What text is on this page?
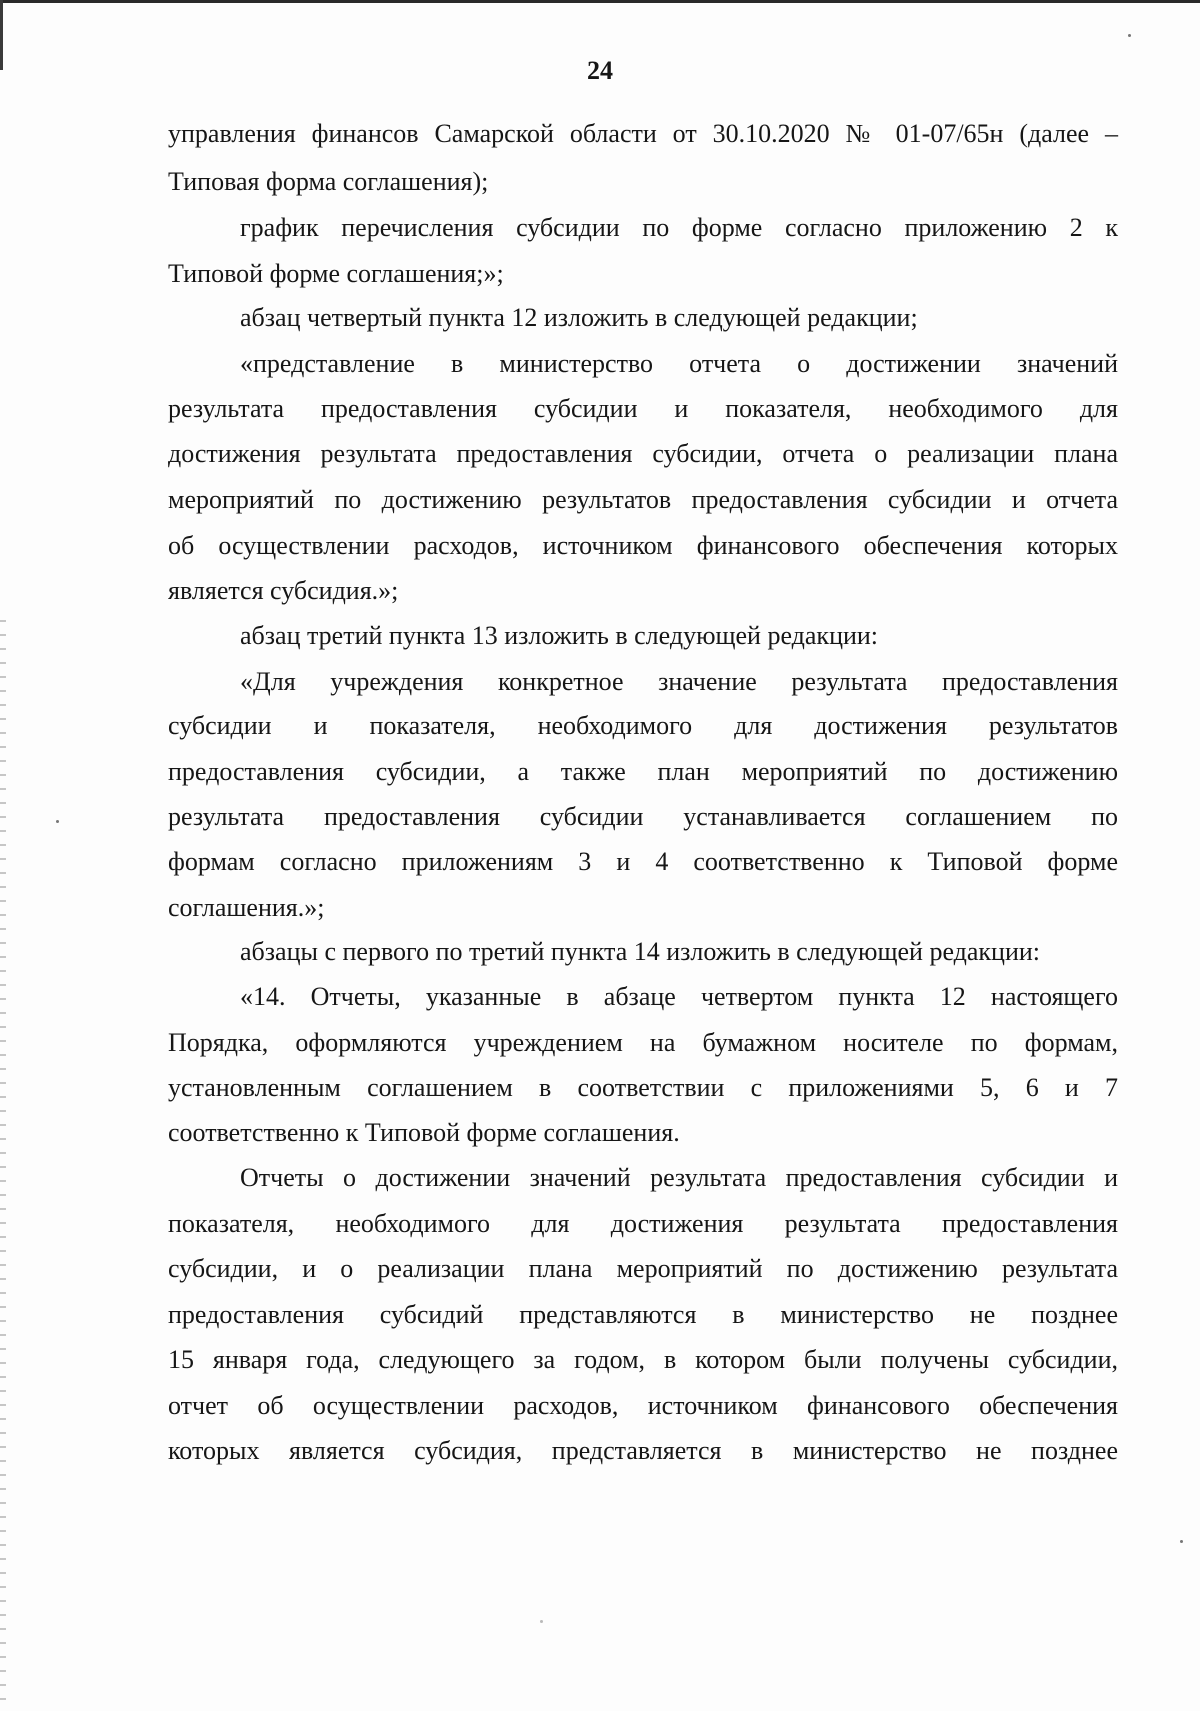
24
управления финансов Самарской области от 30.10.2020 № 01-07/65н (далее –
Типовая форма соглашения);
график перечисления субсидии по форме согласно приложению 2 к
Типовой форме соглашения;»;
абзац четвертый пункта 12 изложить в следующей редакции;
«представление в министерство отчета о достижении значений
результата предоставления субсидии и показателя, необходимого для
достижения результата предоставления субсидии, отчета о реализации плана
мероприятий по достижению результатов предоставления субсидии и отчета
об осуществлении расходов, источником финансового обеспечения которых
является субсидия.»;
абзац третий пункта 13 изложить в следующей редакции:
«Для учреждения конкретное значение результата предоставления
субсидии и показателя, необходимого для достижения результатов
предоставления субсидии, а также план мероприятий по достижению
результата предоставления субсидии устанавливается соглашением по
формам согласно приложениям 3 и 4 соответственно к Типовой форме
соглашения.»;
абзацы с первого по третий пункта 14 изложить в следующей редакции:
«14. Отчеты, указанные в абзаце четвертом пункта 12 настоящего
Порядка, оформляются учреждением на бумажном носителе по формам,
установленным соглашением в соответствии с приложениями 5, 6 и 7
соответственно к Типовой форме соглашения.
Отчеты о достижении значений результата предоставления субсидии и
показателя, необходимого для достижения результата предоставления
субсидии, и о реализации плана мероприятий по достижению результата
предоставления субсидий представляются в министерство не позднее
15 января года, следующего за годом, в котором были получены субсидии,
отчет об осуществлении расходов, источником финансового обеспечения
которых является субсидия, представляется в министерство не позднее
